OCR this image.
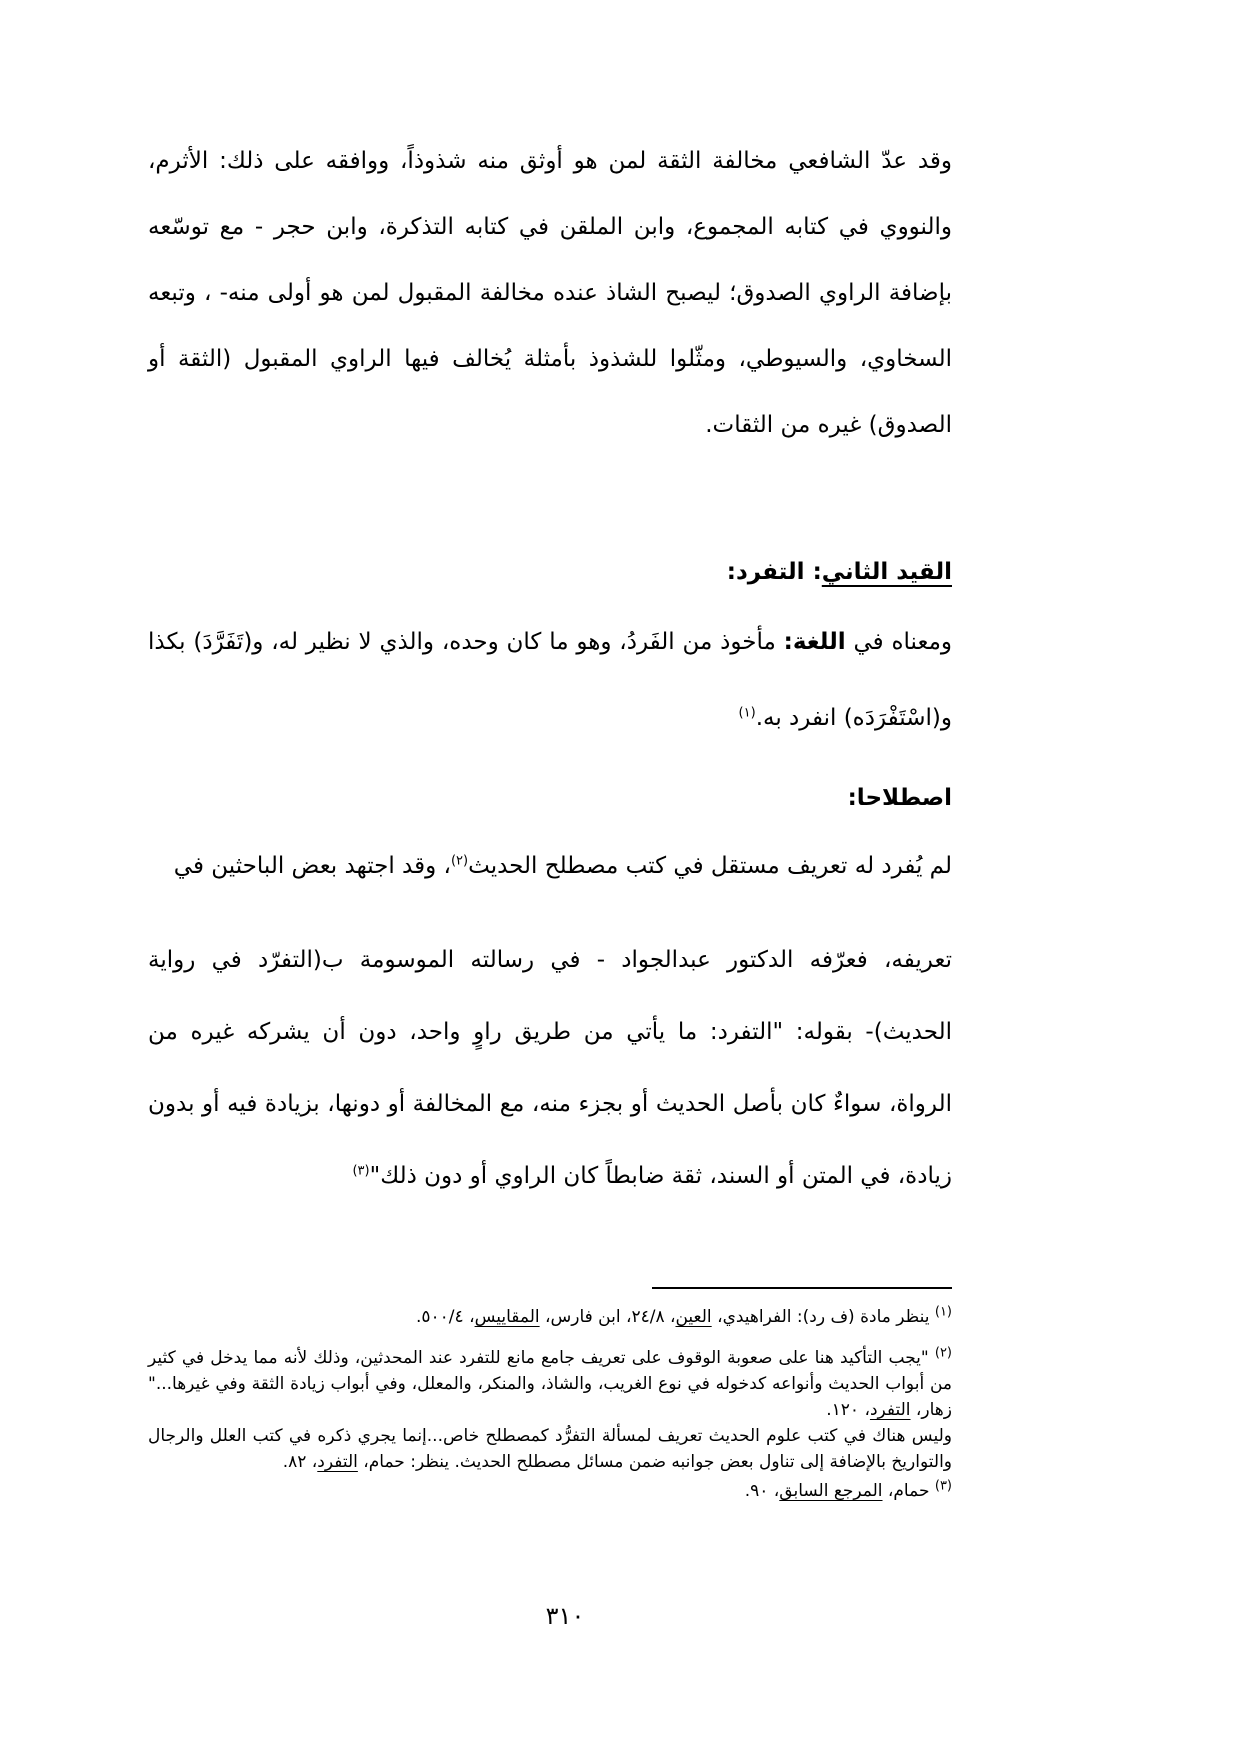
وقد عدّ الشافعي مخالفة الثقة لمن هو أوثق منه شذوذاً، ووافقه على ذلك: الأثرم، والنووي في كتابه المجموع، وابن الملقن في كتابه التذكرة، وابن حجر - مع توسّعه بإضافة الراوي الصدوق؛ ليصبح الشاذ عنده مخالفة المقبول لمن هو أولى منه- ، وتبعه السخاوي، والسيوطي، ومثّلوا للشذوذ بأمثلة يُخالف فيها الراوي المقبول (الثقة أو الصدوق) غيره من الثقات.

القيد الثاني: التفرد:

ومعناه في اللغة: مأخوذ من الفَردُ، وهو ما كان وحده، والذي لا نظير له، و(تَفَرَّدَ) بكذا و(اسْتَفْرَدَه) انفرد به.$^{(١)}$

اصطلاحا:

لم يُفرد له تعريف مستقل في كتب مصطلح الحديث$^{(٢)}$، وقد اجتهد بعض الباحثين في

تعريفه، فعرّفه الدكتور عبدالجواد - في رسالته الموسومة ب(التفرّد في رواية الحديث)- بقوله: "التفرد: ما يأتي من طريق راوٍ واحد، دون أن يشركه غيره من الرواة، سواءٌ كان بأصل الحديث أو بجزء منه، مع المخالفة أو دونها، بزيادة فيه أو بدون زيادة، في المتن أو السند، ثقة ضابطاً كان الراوي أو دون ذلك"$^{(٣)}$

$^{(١)}$ ينظر مادة (ف رد): الفراهيدي، العين، ٢٤/٨، ابن فارس، المقاييس، ٥٠٠/٤.

$^{(٢)}$ "يجب التأكيد هنا على صعوبة الوقوف على تعريف جامع مانع للتفرد عند المحدثين، وذلك لأنه مما يدخل في كثير من أبواب الحديث وأنواعه كدخوله في نوع الغريب، والشاذ، والمنكر، والمعلل، وفي أبواب زيادة الثقة وفي غيرها..." زهار، التفرد، ١٢٠.
وليس هناك في كتب علوم الحديث تعريف لمسألة التفرُّد كمصطلح خاص...إنما يجري ذكره في كتب العلل والرجال والتواريخ بالإضافة إلى تناول بعض جوانبه ضمن مسائل مصطلح الحديث. ينظر: حمام، التفرد، ٨٢.

$^{(٣)}$ حمام، المرجع السابق، ٩٠.

٣١٠
